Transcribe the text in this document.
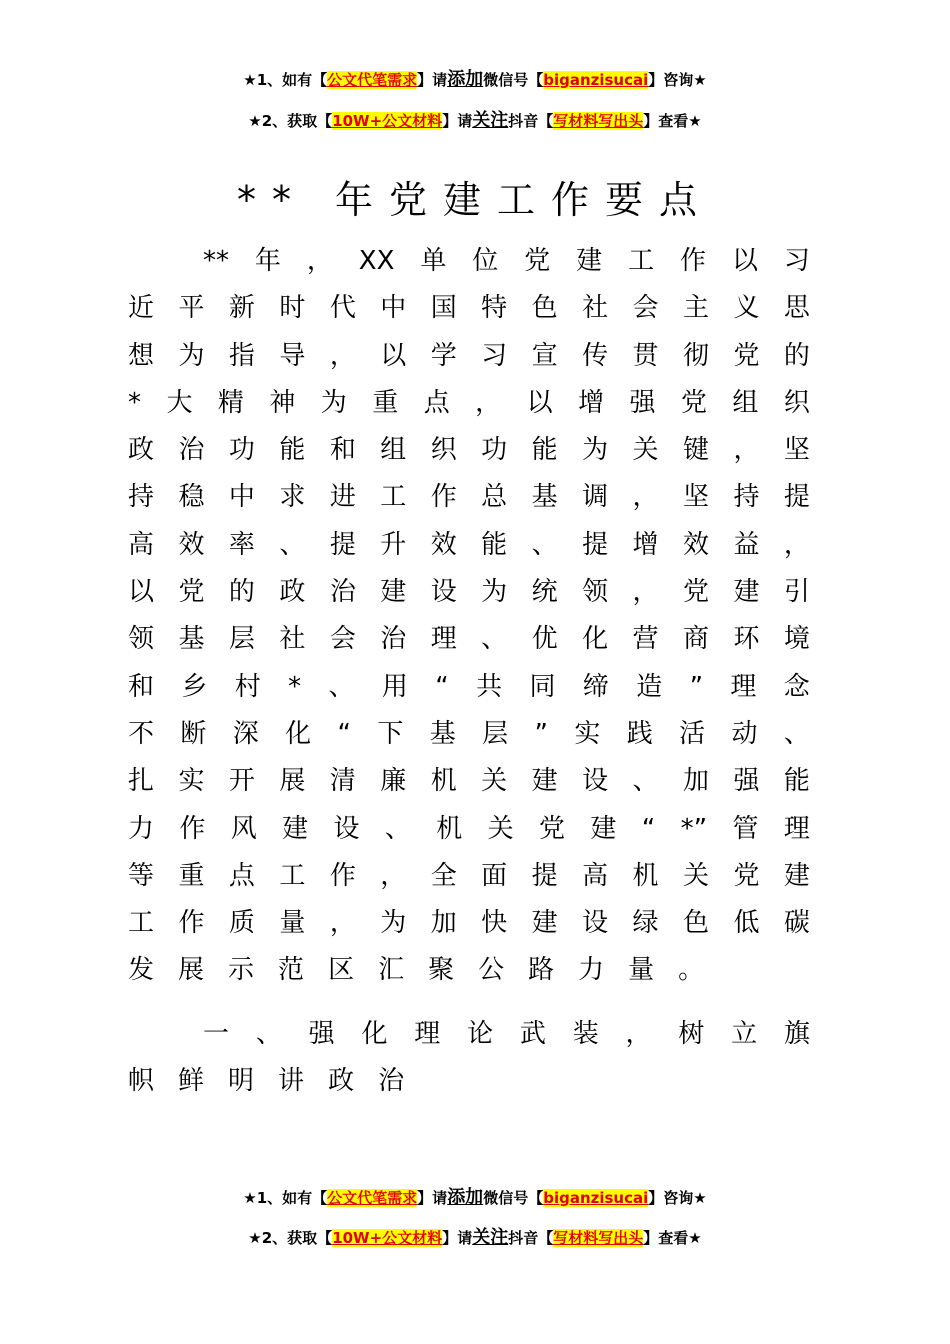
★1、如有【公文代笔需求】请添加微信号【biganzisucai】咨询★
★2、获取【10W+公文材料】请关注抖音【写材料写出头】查看★
** 年党建工作要点
** 年 ， XX 单 位 党 建 工 作 以 习
近 平 新 时 代 中 国 特 色 社 会 主 义 思
想 为 指 导 ， 以 学 习 宣 传 贯 彻 党 的
* 大 精 神 为 重 点 ， 以 增 强 党 组 织
政 治 功 能 和 组 织 功 能 为 关 键 ， 坚
持 稳 中 求 进 工 作 总 基 调 ， 坚 持 提
高 效 率 、 提 升 效 能 、 提 增 效 益 ，
以 党 的 政 治 建 设 为 统 领 ， 党 建 引
领 基 层 社 会 治 理 、 优 化 营 商 环 境
和 乡 村 * 、 用 “ 共 同 缔 造 ” 理 念
不 断 深 化 “ 下 基 层 ” 实 践 活 动 、
扎 实 开 展 清 廉 机 关 建 设 、 加 强 能
力 作 风 建 设 、 机 关 党 建 “ *” 管 理
等 重 点 工 作 ， 全 面 提 高 机 关 党 建
工 作 质 量 ， 为 加 快 建 设 绿 色 低 碳
发 展 示 范 区 汇 聚 公 路 力 量 。
一 、 强 化 理 论 武 装 ， 树 立 旗
帜 鲜 明 讲 政 治
★1、如有【公文代笔需求】请添加微信号【biganzisucai】咨询★
★2、获取【10W+公文材料】请关注抖音【写材料写出头】查看★
